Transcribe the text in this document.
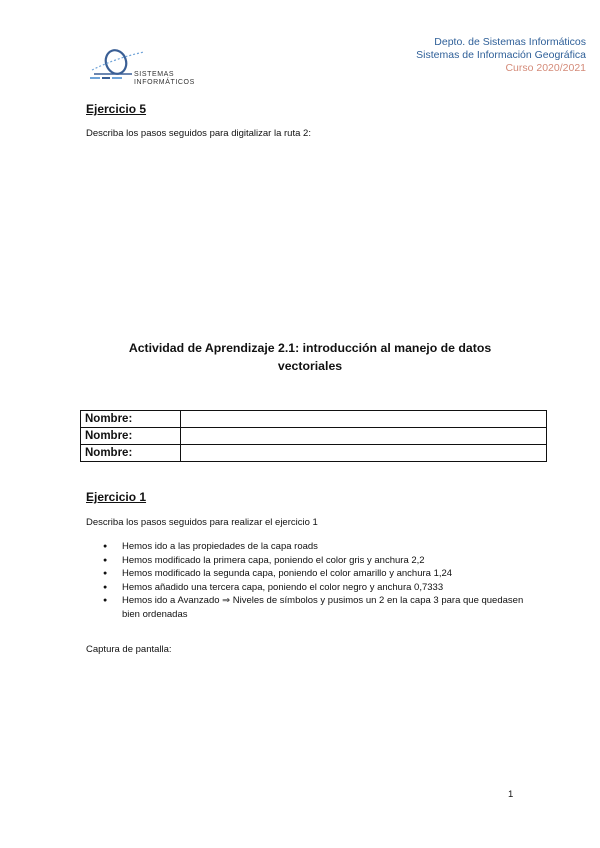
SISTEMAS
INFORMÁTICOS
Depto. de Sistemas Informáticos
Sistemas de Información Geográfica
Curso 2020/2021
Ejercicio 5
Describa los pasos seguidos para digitalizar la ruta 2:
Actividad de Aprendizaje 2.1: introducción al manejo de datos
vectoriales
Nombre:	
Nombre:	
Nombre:	
Ejercicio 1
Describa los pasos seguidos para realizar el ejercicio 1
● Hemos ido a las propiedades de la capa roads
● Hemos modificado la primera capa, poniendo el color gris y anchura 2,2
● Hemos modificado la segunda capa, poniendo el color amarillo y anchura 1,24
● Hemos añadido una tercera capa, poniendo el color negro y anchura 0,7333
● Hemos ido a Avanzado ⇒ Niveles de símbolos y pusimos un 2 en la capa 3 para que quedasen bien ordenadas
Captura de pantalla:
1
